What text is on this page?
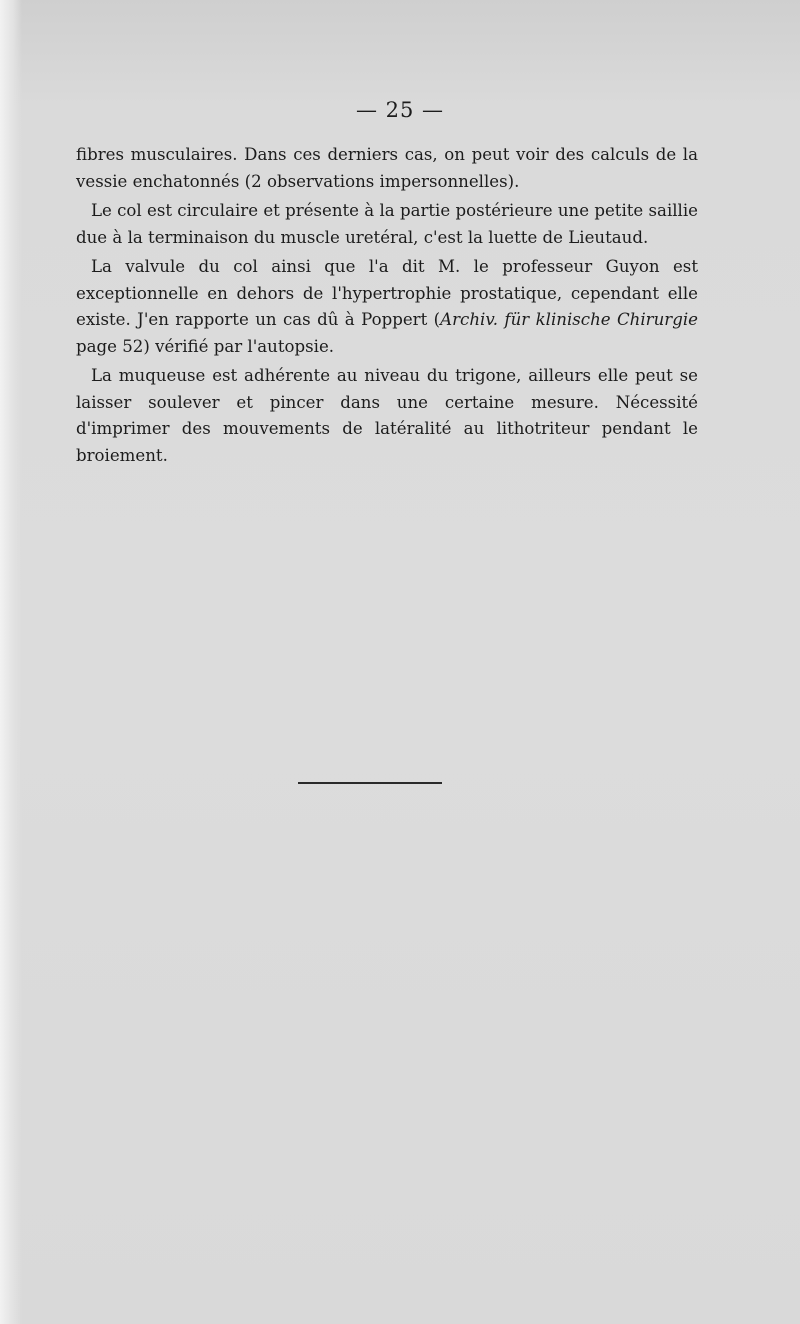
— 25 —

fibres musculaires. Dans ces derniers cas, on peut voir des calculs de la vessie enchatonnés (2 observations impersonnelles).

Le col est circulaire et présente à la partie postérieure une petite saillie due à la terminaison du muscle uretéral, c'est la luette de Lieutaud.

La valvule du col ainsi que l'a dit M. le professeur Guyon est exceptionnelle en dehors de l'hypertrophie prostatique, cependant elle existe. J'en rapporte un cas dû à Poppert (Archiv. für klinische Chirurgie page 52) vérifié par l'autopsie.

La muqueuse est adhérente au niveau du trigone, ailleurs elle peut se laisser soulever et pincer dans une certaine mesure. Nécessité d'imprimer des mouvements de latéralité au lithotriteur pendant le broiement.
